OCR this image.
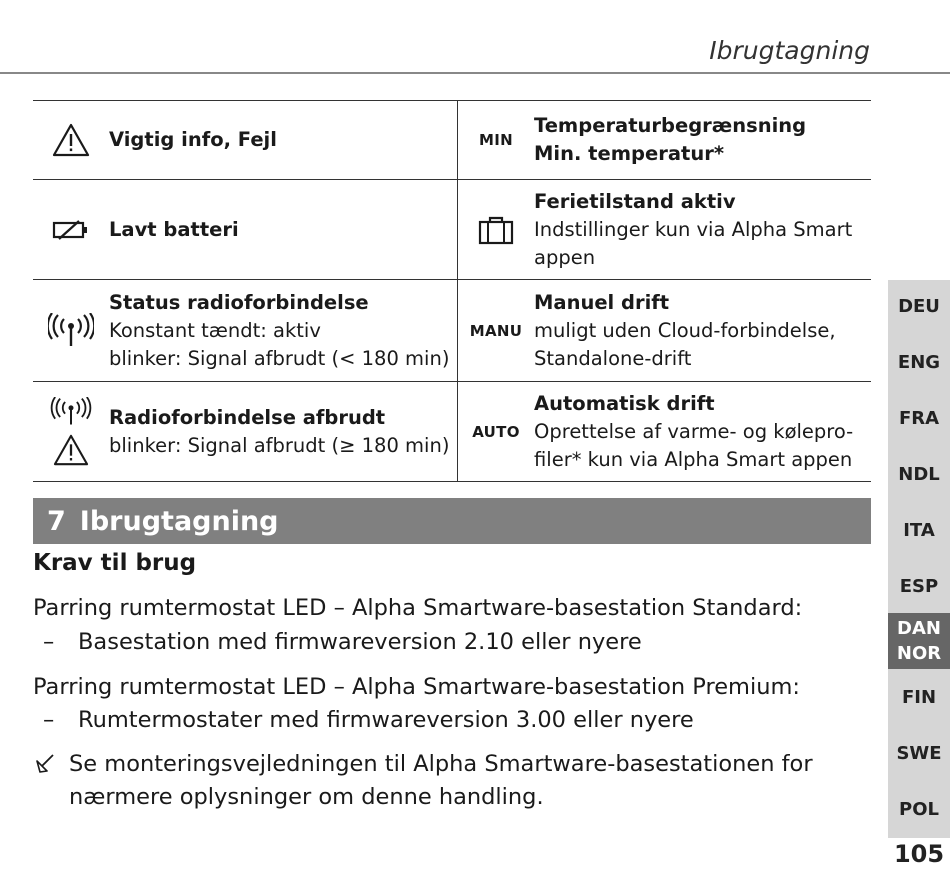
Ibrugtagning
Vigtig info, Fejl	MIN
Temperaturbegrænsning
Min. temperatur*
Lavt batteri
Ferietilstand aktiv
Indstillinger kun via Alpha Smart
appen
Status radioforbindelse
Konstant tændt: aktiv
blinker: Signal afbrudt (< 180 min)
MANU
Manuel drift
muligt uden Cloud-forbindelse,
Standalone-drift
Radioforbindelse afbrudt
blinker: Signal afbrudt (≥ 180 min)
AUTO
Automatisk drift
Oprettelse af varme- og kølepro-
filer* kun via Alpha Smart appen
7 Ibrugtagning
Krav til brug
Parring rumtermostat LED – Alpha Smartware-basestation Standard:
– Basestation med firmwareversion 2.10 eller nyere
Parring rumtermostat LED – Alpha Smartware-basestation Premium:
– Rumtermostater med firmwareversion 3.00 eller nyere
Se monteringsvejledningen til Alpha Smartware-basestationen for
nærmere oplysninger om denne handling.
DEU
ENG
FRA
NDL
ITA
ESP
DAN
NOR
FIN
SWE
POL
105
